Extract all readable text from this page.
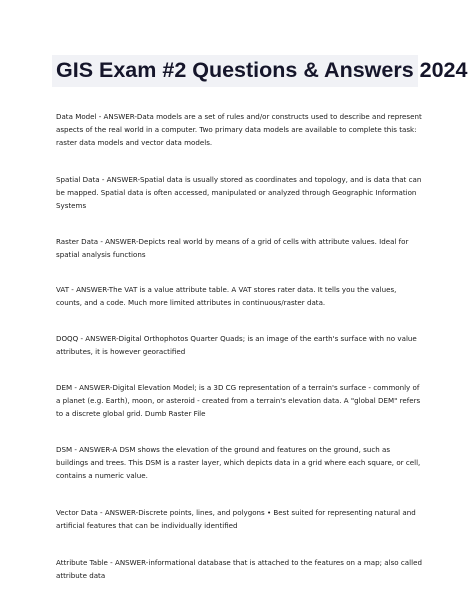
GIS Exam #2 Questions & Answers 2024

Data Model - ANSWER-Data models are a set of rules and/or constructs used to describe and represent aspects of the real world in a computer. Two primary data models are available to complete this task: raster data models and vector data models.

Spatial Data - ANSWER-Spatial data is usually stored as coordinates and topology, and is data that can be mapped. Spatial data is often accessed, manipulated or analyzed through Geographic Information Systems

Raster Data - ANSWER-Depicts real world by means of a grid of cells with attribute values. Ideal for spatial analysis functions

VAT - ANSWER-The VAT is a value attribute table. A VAT stores rater data. It tells you the values, counts, and a code. Much more limited attributes in continuous/raster data.

DOQQ - ANSWER-Digital Orthophotos Quarter Quads; is an image of the earth's surface with no value attributes, it is however georactified

DEM - ANSWER-Digital Elevation Model; is a 3D CG representation of a terrain's surface - commonly of a planet (e.g. Earth), moon, or asteroid - created from a terrain's elevation data. A "global DEM" refers to a discrete global grid. Dumb Raster File

DSM - ANSWER-A DSM shows the elevation of the ground and features on the ground, such as buildings and trees. This DSM is a raster layer, which depicts data in a grid where each square, or cell, contains a numeric value.

Vector Data - ANSWER-Discrete points, lines, and polygons • Best suited for representing natural and artificial features that can be individually identified

Attribute Table - ANSWER-informational database that is attached to the features on a map; also called attribute data
